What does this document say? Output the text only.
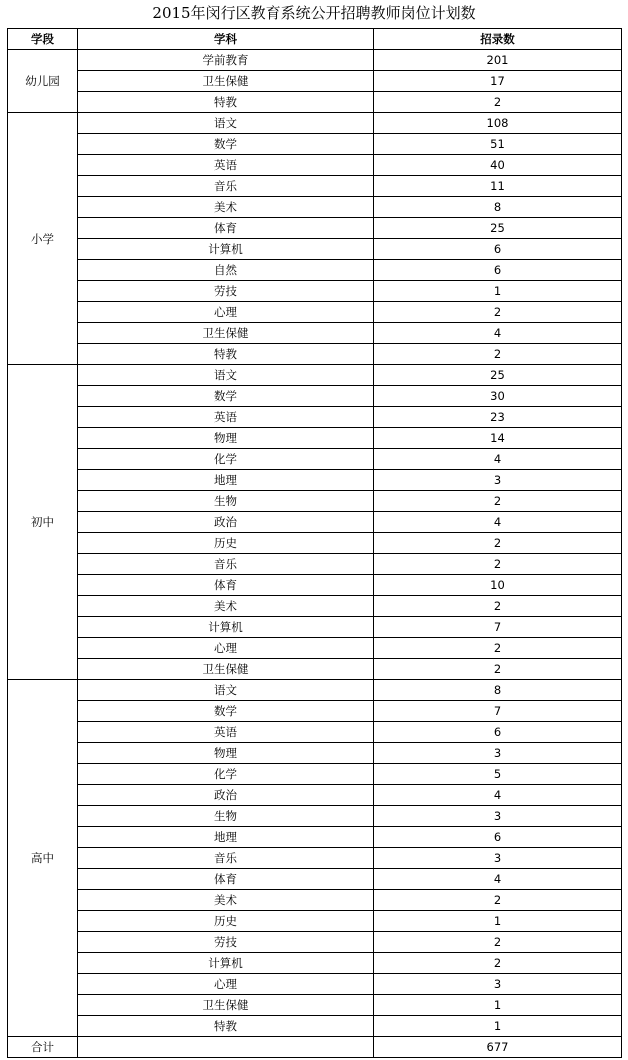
2015年闵行区教育系统公开招聘教师岗位计划数
学段	学科	招录数
幼儿园	学前教育	201
	卫生保健	17
	特教	2
小学	语文	108
	数学	51
	英语	40
	音乐	11
	美术	8
	体育	25
	计算机	6
	自然	6
	劳技	1
	心理	2
	卫生保健	4
	特教	2
初中	语文	25
	数学	30
	英语	23
	物理	14
	化学	4
	地理	3
	生物	2
	政治	4
	历史	2
	音乐	2
	体育	10
	美术	2
	计算机	7
	心理	2
	卫生保健	2
高中	语文	8
	数学	7
	英语	6
	物理	3
	化学	5
	政治	4
	生物	3
	地理	6
	音乐	3
	体育	4
	美术	2
	历史	1
	劳技	2
	计算机	2
	心理	3
	卫生保健	1
	特教	1
合计		677
